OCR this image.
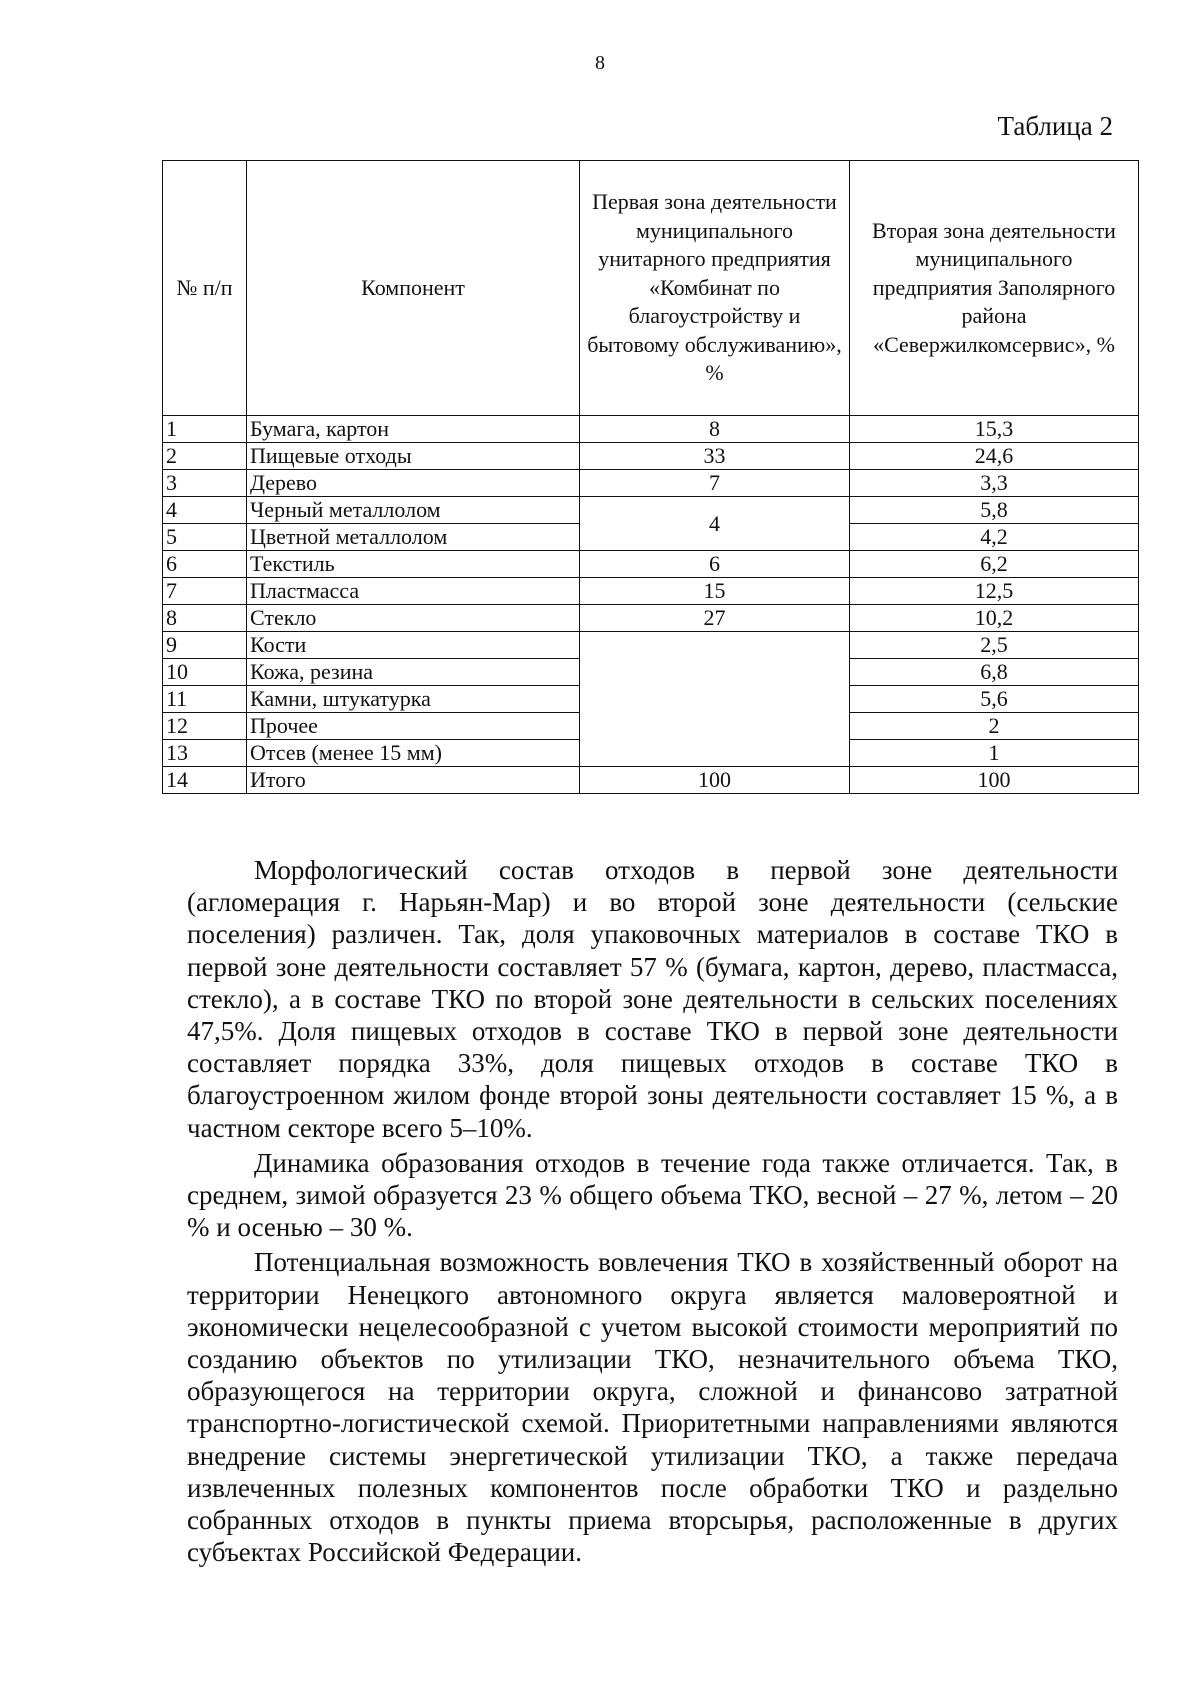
8
Таблица 2
№ п/п	Компонент	Первая зона деятельности муниципального унитарного предприятия «Комбинат по благоустройству и бытовому обслуживанию», %	Вторая зона деятельности муниципального предприятия Заполярного района «Севержилкомсервис», %
1	Бумага, картон	8	15,3
2	Пищевые отходы	33	24,6
3	Дерево	7	3,3
4	Черный металлолом	4	5,8
5	Цветной металлолом		4,2
6	Текстиль	6	6,2
7	Пластмасса	15	12,5
8	Стекло	27	10,2
9	Кости		2,5
10	Кожа, резина		6,8
11	Камни, штукатурка		5,6
12	Прочее		2
13	Отсев (менее 15 мм)		1
14	Итого	100	100

Морфологический состав отходов в первой зоне деятельности (агломерация г. Нарьян-Мар) и во второй зоне деятельности (сельские поселения) различен. Так, доля упаковочных материалов в составе ТКО в первой зоне деятельности составляет 57 % (бумага, картон, дерево, пластмасса, стекло), а в составе ТКО по второй зоне деятельности в сельских поселениях 47,5%. Доля пищевых отходов в составе ТКО в первой зоне деятельности составляет порядка 33%, доля пищевых отходов в составе ТКО в благоустроенном жилом фонде второй зоны деятельности составляет 15 %, а в частном секторе всего 5–10%.

Динамика образования отходов в течение года также отличается. Так, в среднем, зимой образуется 23 % общего объема ТКО, весной – 27 %, летом – 20 % и осенью – 30 %.

Потенциальная возможность вовлечения ТКО в хозяйственный оборот на территории Ненецкого автономного округа является маловероятной и экономически нецелесообразной с учетом высокой стоимости мероприятий по созданию объектов по утилизации ТКО, незначительного объема ТКО, образующегося на территории округа, сложной и финансово затратной транспортно-логистической схемой. Приоритетными направлениями являются внедрение системы энергетической утилизации ТКО, а также передача извлеченных полезных компонентов после обработки ТКО и раздельно собранных отходов в пункты приема вторсырья, расположенные в других субъектах Российской Федерации.
